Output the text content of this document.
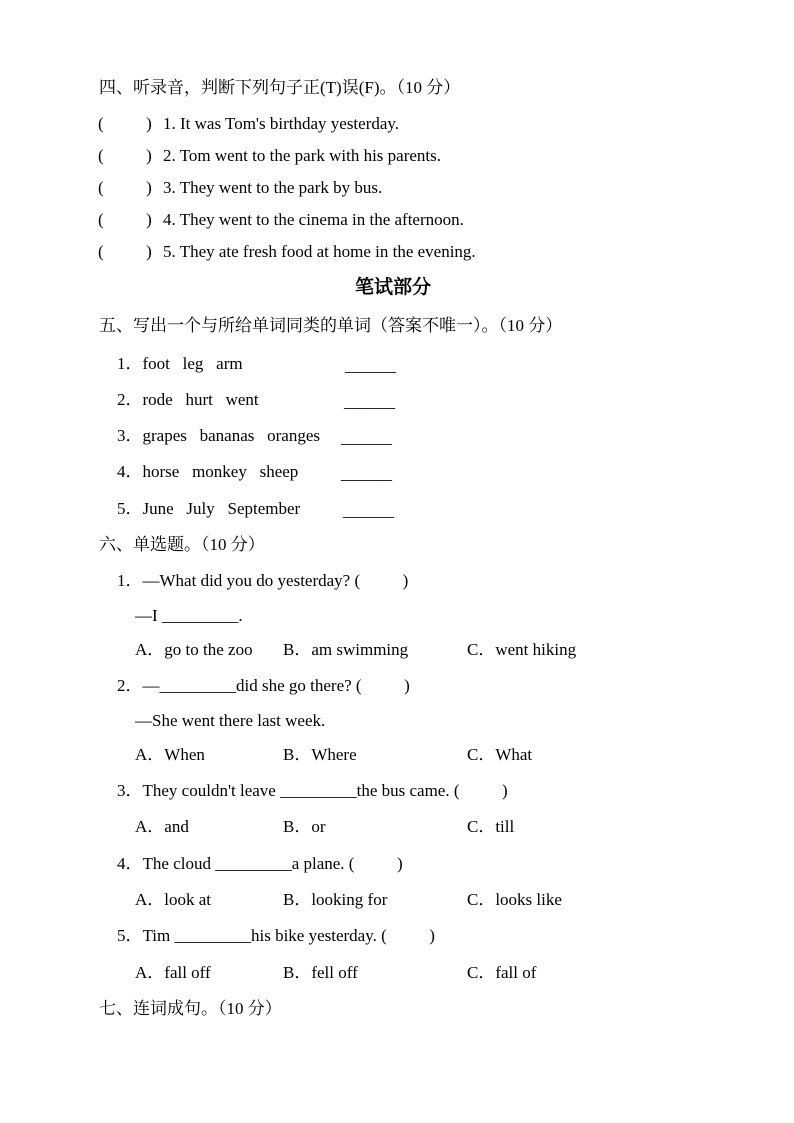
四、听录音，判断下列句子正(T)误(F)。（10 分）
(          ) 1. It was Tom's birthday yesterday.
(          ) 2. Tom went to the park with his parents.
(          ) 3. They went to the park by bus.
(          ) 4. They went to the cinema in the afternoon.
(          ) 5. They ate fresh food at home in the evening.
笔试部分
五、写出一个与所给单词同类的单词（答案不唯一）。（10 分）
1．foot   leg   arm	______
2．rode   hurt   went	______
3．grapes   bananas   oranges ______
4．horse   monkey   sheep	______
5．June   July   September	______
六、单选题。（10 分）
1．—What did you do yesterday? (          )
—I _________.
A．go to the zoo B．am swimming	C．went hiking
2．—_________did she go there? (          )
—She went there last week.
A．When	B．Where	C．What
3．They couldn't leave _________the bus came. (          )
A．and	B．or	C．till
4．The cloud _________a plane. (          )
A．look at	B．looking for	C．looks like
5．Tim _________his bike yesterday. (          )
A．fall off	B．fell off	C．fall of
七、连词成句。（10 分）
